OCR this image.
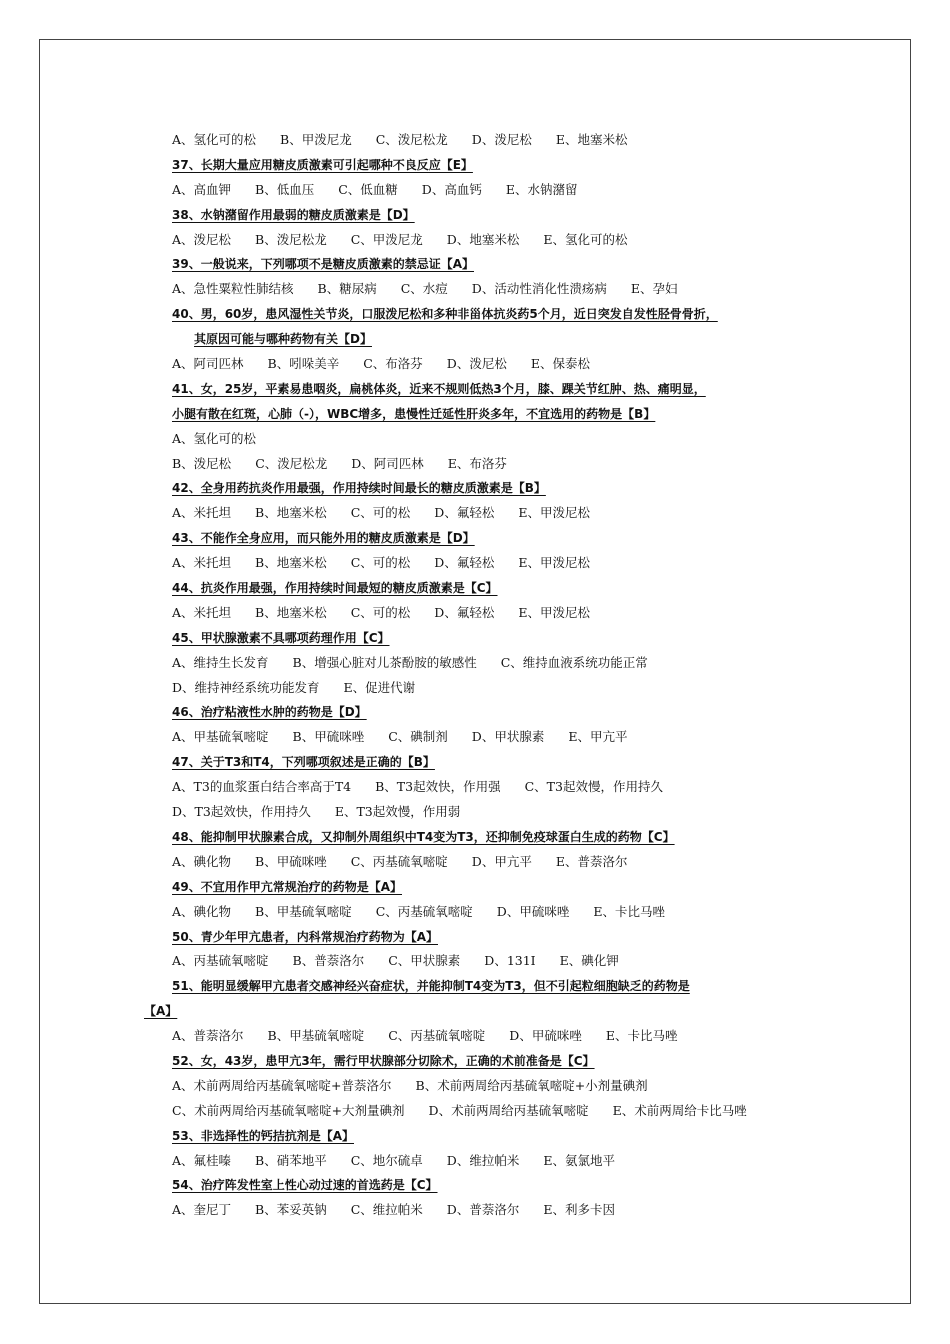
A、氢化可的松 B、甲泼尼龙 C、泼尼松龙 D、泼尼松 E、地塞米松
37、长期大量应用糖皮质激素可引起哪种不良反应【E】
A、高血钾 B、低血压 C、低血糖 D、高血钙 E、水钠潴留
38、水钠潴留作用最弱的糖皮质激素是【D】
A、泼尼松 B、泼尼松龙 C、甲泼尼龙 D、地塞米松 E、氢化可的松
39、一般说来，下列哪项不是糖皮质激素的禁忌证【A】
A、急性粟粒性肺结核 B、糖尿病 C、水痘 D、活动性消化性溃疡病 E、孕妇
40、男，60岁，患风湿性关节炎，口服泼尼松和多种非甾体抗炎药5个月，近日突发自发性胫骨骨折，
其原因可能与哪种药物有关【D】
A、阿司匹林 B、吲哚美辛 C、布洛芬 D、泼尼松 E、保泰松
41、女，25岁，平素易患咽炎，扁桃体炎，近来不规则低热3个月，膝、踝关节红肿、热、痛明显，
小腿有散在红斑，心肺（-），WBC增多，患慢性迁延性肝炎多年，不宜选用的药物是【B】
A、氢化可的松
B、泼尼松 C、泼尼松龙 D、阿司匹林 E、布洛芬
42、全身用药抗炎作用最强，作用持续时间最长的糖皮质激素是【B】
A、米托坦 B、地塞米松 C、可的松 D、氟轻松 E、甲泼尼松
43、不能作全身应用，而只能外用的糖皮质激素是【D】
A、米托坦 B、地塞米松 C、可的松 D、氟轻松 E、甲泼尼松
44、抗炎作用最强，作用持续时间最短的糖皮质激素是【C】
A、米托坦 B、地塞米松 C、可的松 D、氟轻松 E、甲泼尼松
45、甲状腺激素不具哪项药理作用【C】
A、维持生长发育 B、增强心脏对儿茶酚胺的敏感性 C、维持血液系统功能正常
D、维持神经系统功能发育 E、促进代谢
46、治疗粘液性水肿的药物是【D】
A、甲基硫氧嘧啶 B、甲硫咪唑 C、碘制剂 D、甲状腺素 E、甲亢平
47、关于T3和T4，下列哪项叙述是正确的【B】
A、T3的血浆蛋白结合率高于T4 B、T3起效快，作用强 C、T3起效慢，作用持久
D、T3起效快，作用持久 E、T3起效慢，作用弱
48、能抑制甲状腺素合成，又抑制外周组织中T4变为T3，还抑制免疫球蛋白生成的药物【C】
A、碘化物 B、甲硫咪唑 C、丙基硫氧嘧啶 D、甲亢平 E、普萘洛尔
49、不宜用作甲亢常规治疗的药物是【A】
A、碘化物 B、甲基硫氧嘧啶 C、丙基硫氧嘧啶 D、甲硫咪唑 E、卡比马唑
50、青少年甲亢患者，内科常规治疗药物为【A】
A、丙基硫氧嘧啶 B、普萘洛尔 C、甲状腺素 D、131I E、碘化钾
51、能明显缓解甲亢患者交感神经兴奋症状，并能抑制T4变为T3，但不引起粒细胞缺乏的药物是
【A】
A、普萘洛尔 B、甲基硫氧嘧啶 C、丙基硫氧嘧啶 D、甲硫咪唑 E、卡比马唑
52、女，43岁，患甲亢3年，需行甲状腺部分切除术，正确的术前准备是【C】
A、术前两周给丙基硫氧嘧啶+普萘洛尔 B、术前两周给丙基硫氧嘧啶+小剂量碘剂
C、术前两周给丙基硫氧嘧啶+大剂量碘剂 D、术前两周给丙基硫氧嘧啶 E、术前两周给卡比马唑
53、非选择性的钙拮抗剂是【A】
A、氟桂嗪 B、硝苯地平 C、地尔硫卓 D、维拉帕米 E、氨氯地平
54、治疗阵发性室上性心动过速的首选药是【C】
A、奎尼丁 B、苯妥英钠 C、维拉帕米 D、普萘洛尔 E、利多卡因
